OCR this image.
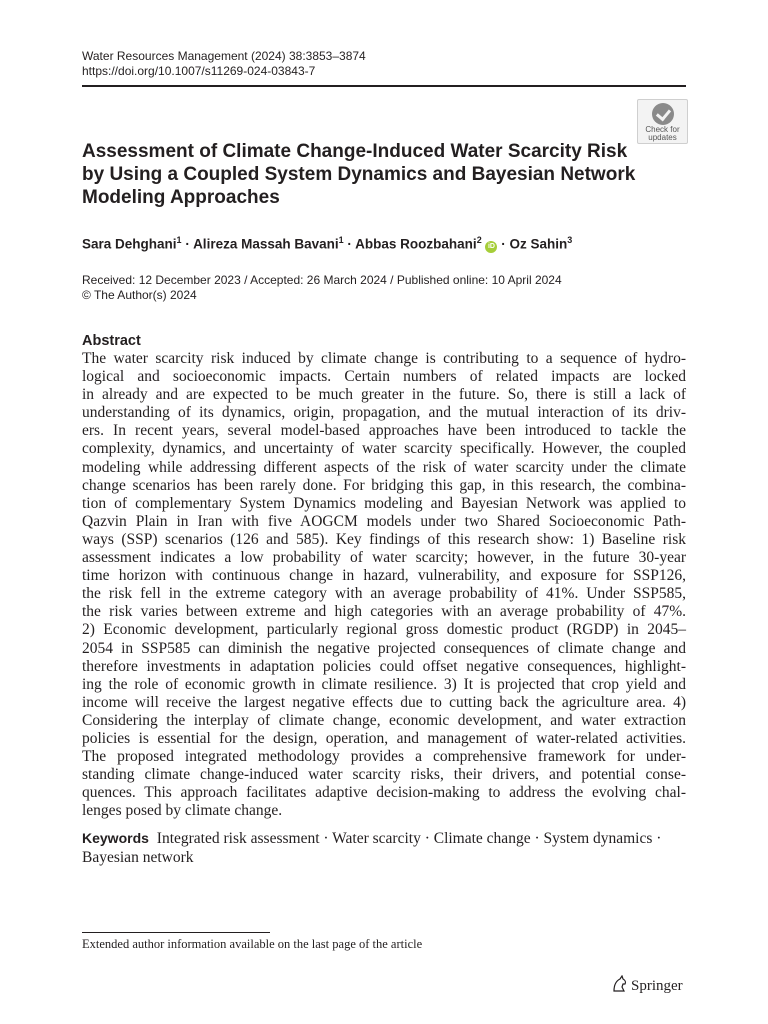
Water Resources Management (2024) 38:3853–3874
https://doi.org/10.1007/s11269-024-03843-7
Check for
updates
Assessment of Climate Change-Induced Water Scarcity Risk by Using a Coupled System Dynamics and Bayesian Network Modeling Approaches
Sara Dehghani$^1$ · Alireza Massah Bavani$^1$ · Abbas Roozbahani$^2$ iD · Oz Sahin$^3$
Received: 12 December 2023 / Accepted: 26 March 2024 / Published online: 10 April 2024
© The Author(s) 2024
Abstract
The water scarcity risk induced by climate change is contributing to a sequence of hydro-
logical and socioeconomic impacts. Certain numbers of related impacts are locked
in already and are expected to be much greater in the future. So, there is still a lack of
understanding of its dynamics, origin, propagation, and the mutual interaction of its driv-
ers. In recent years, several model-based approaches have been introduced to tackle the
complexity, dynamics, and uncertainty of water scarcity specifically. However, the coupled
modeling while addressing different aspects of the risk of water scarcity under the climate
change scenarios has been rarely done. For bridging this gap, in this research, the combina-
tion of complementary System Dynamics modeling and Bayesian Network was applied to
Qazvin Plain in Iran with five AOGCM models under two Shared Socioeconomic Path-
ways (SSP) scenarios (126 and 585). Key findings of this research show: 1) Baseline risk
assessment indicates a low probability of water scarcity; however, in the future 30-year
time horizon with continuous change in hazard, vulnerability, and exposure for SSP126,
the risk fell in the extreme category with an average probability of 41%. Under SSP585,
the risk varies between extreme and high categories with an average probability of 47%.
2) Economic development, particularly regional gross domestic product (RGDP) in 2045–
2054 in SSP585 can diminish the negative projected consequences of climate change and
therefore investments in adaptation policies could offset negative consequences, highlight-
ing the role of economic growth in climate resilience. 3) It is projected that crop yield and
income will receive the largest negative effects due to cutting back the agriculture area. 4)
Considering the interplay of climate change, economic development, and water extraction
policies is essential for the design, operation, and management of water-related activities.
The proposed integrated methodology provides a comprehensive framework for under-
standing climate change-induced water scarcity risks, their drivers, and potential conse-
quences. This approach facilitates adaptive decision-making to address the evolving chal-
lenges posed by climate change.
Keywords Integrated risk assessment · Water scarcity · Climate change · System dynamics · Bayesian network
Extended author information available on the last page of the article
Springer
